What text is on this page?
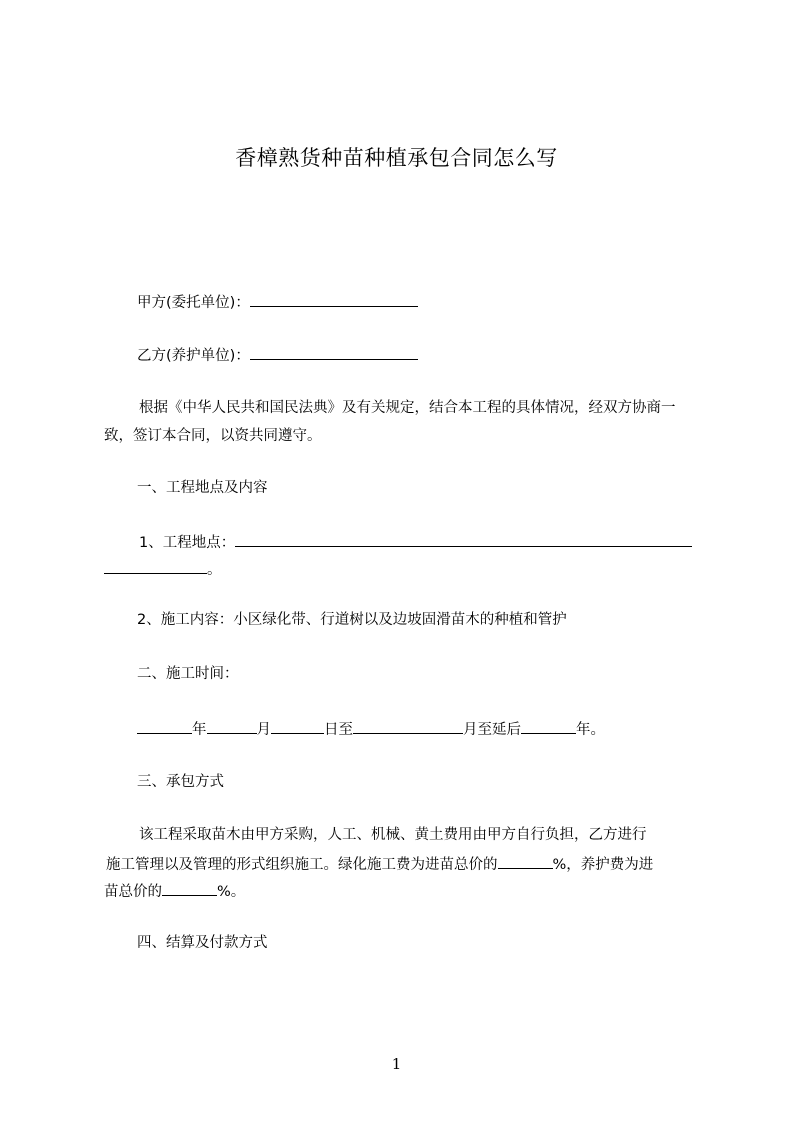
香樟熟货种苗种植承包合同怎么写
甲方(委托单位)：
乙方(养护单位)：
根据《中华人民共和国民法典》及有关规定，结合本工程的具体情况，经双方协商一致，签订本合同，以资共同遵守。
一、工程地点及内容
1、工程地点：
。
2、施工内容：小区绿化带、行道树以及边坡固滑苗木的种植和管护
二、施工时间：
年	月	日至	月至延后	年。
三、承包方式
该工程采取苗木由甲方采购，人工、机械、黄土费用由甲方自行负担，乙方进行
施工管理以及管理的形式组织施工。绿化施工费为进苗总价的	%，养护费为进
苗总价的	%。
四、结算及付款方式
1
